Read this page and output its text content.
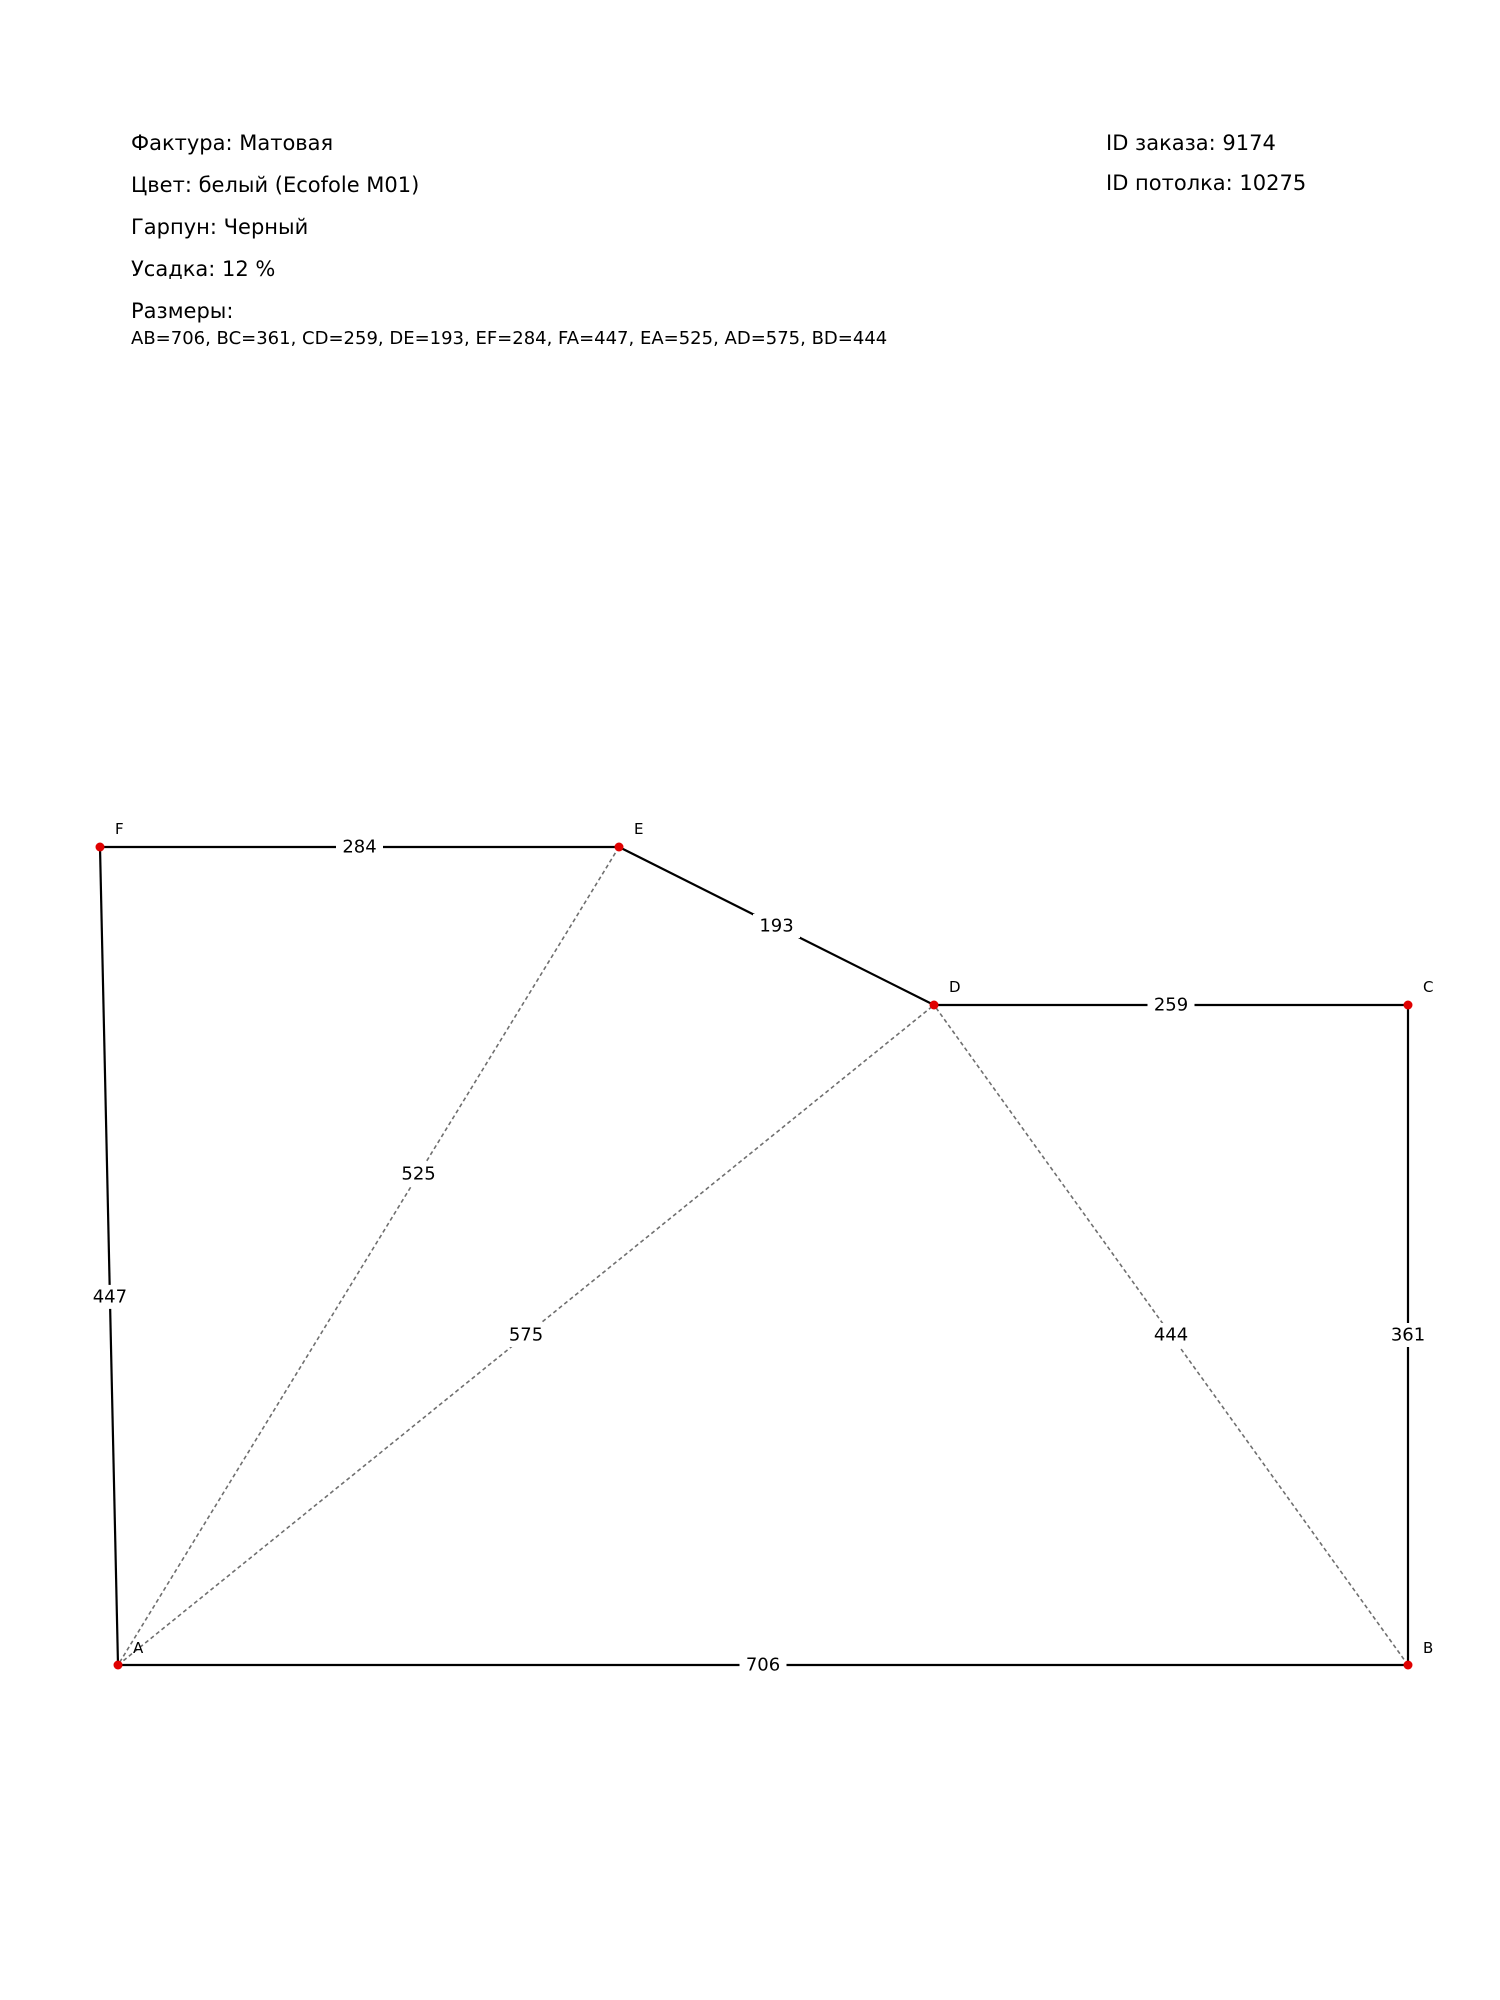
Фактура: Матовая
Цвет: белый (Ecofole M01)
Гарпун: Черный
Усадка: 12 %
Размеры:
AB=706, BC=361, CD=259, DE=193, EF=284, FA=447, EA=525, AD=575, BD=444
ID заказа: 9174
ID потолка: 10275
706
361
259
193
284
447
525
575	444
A	B
C
D
E
F
